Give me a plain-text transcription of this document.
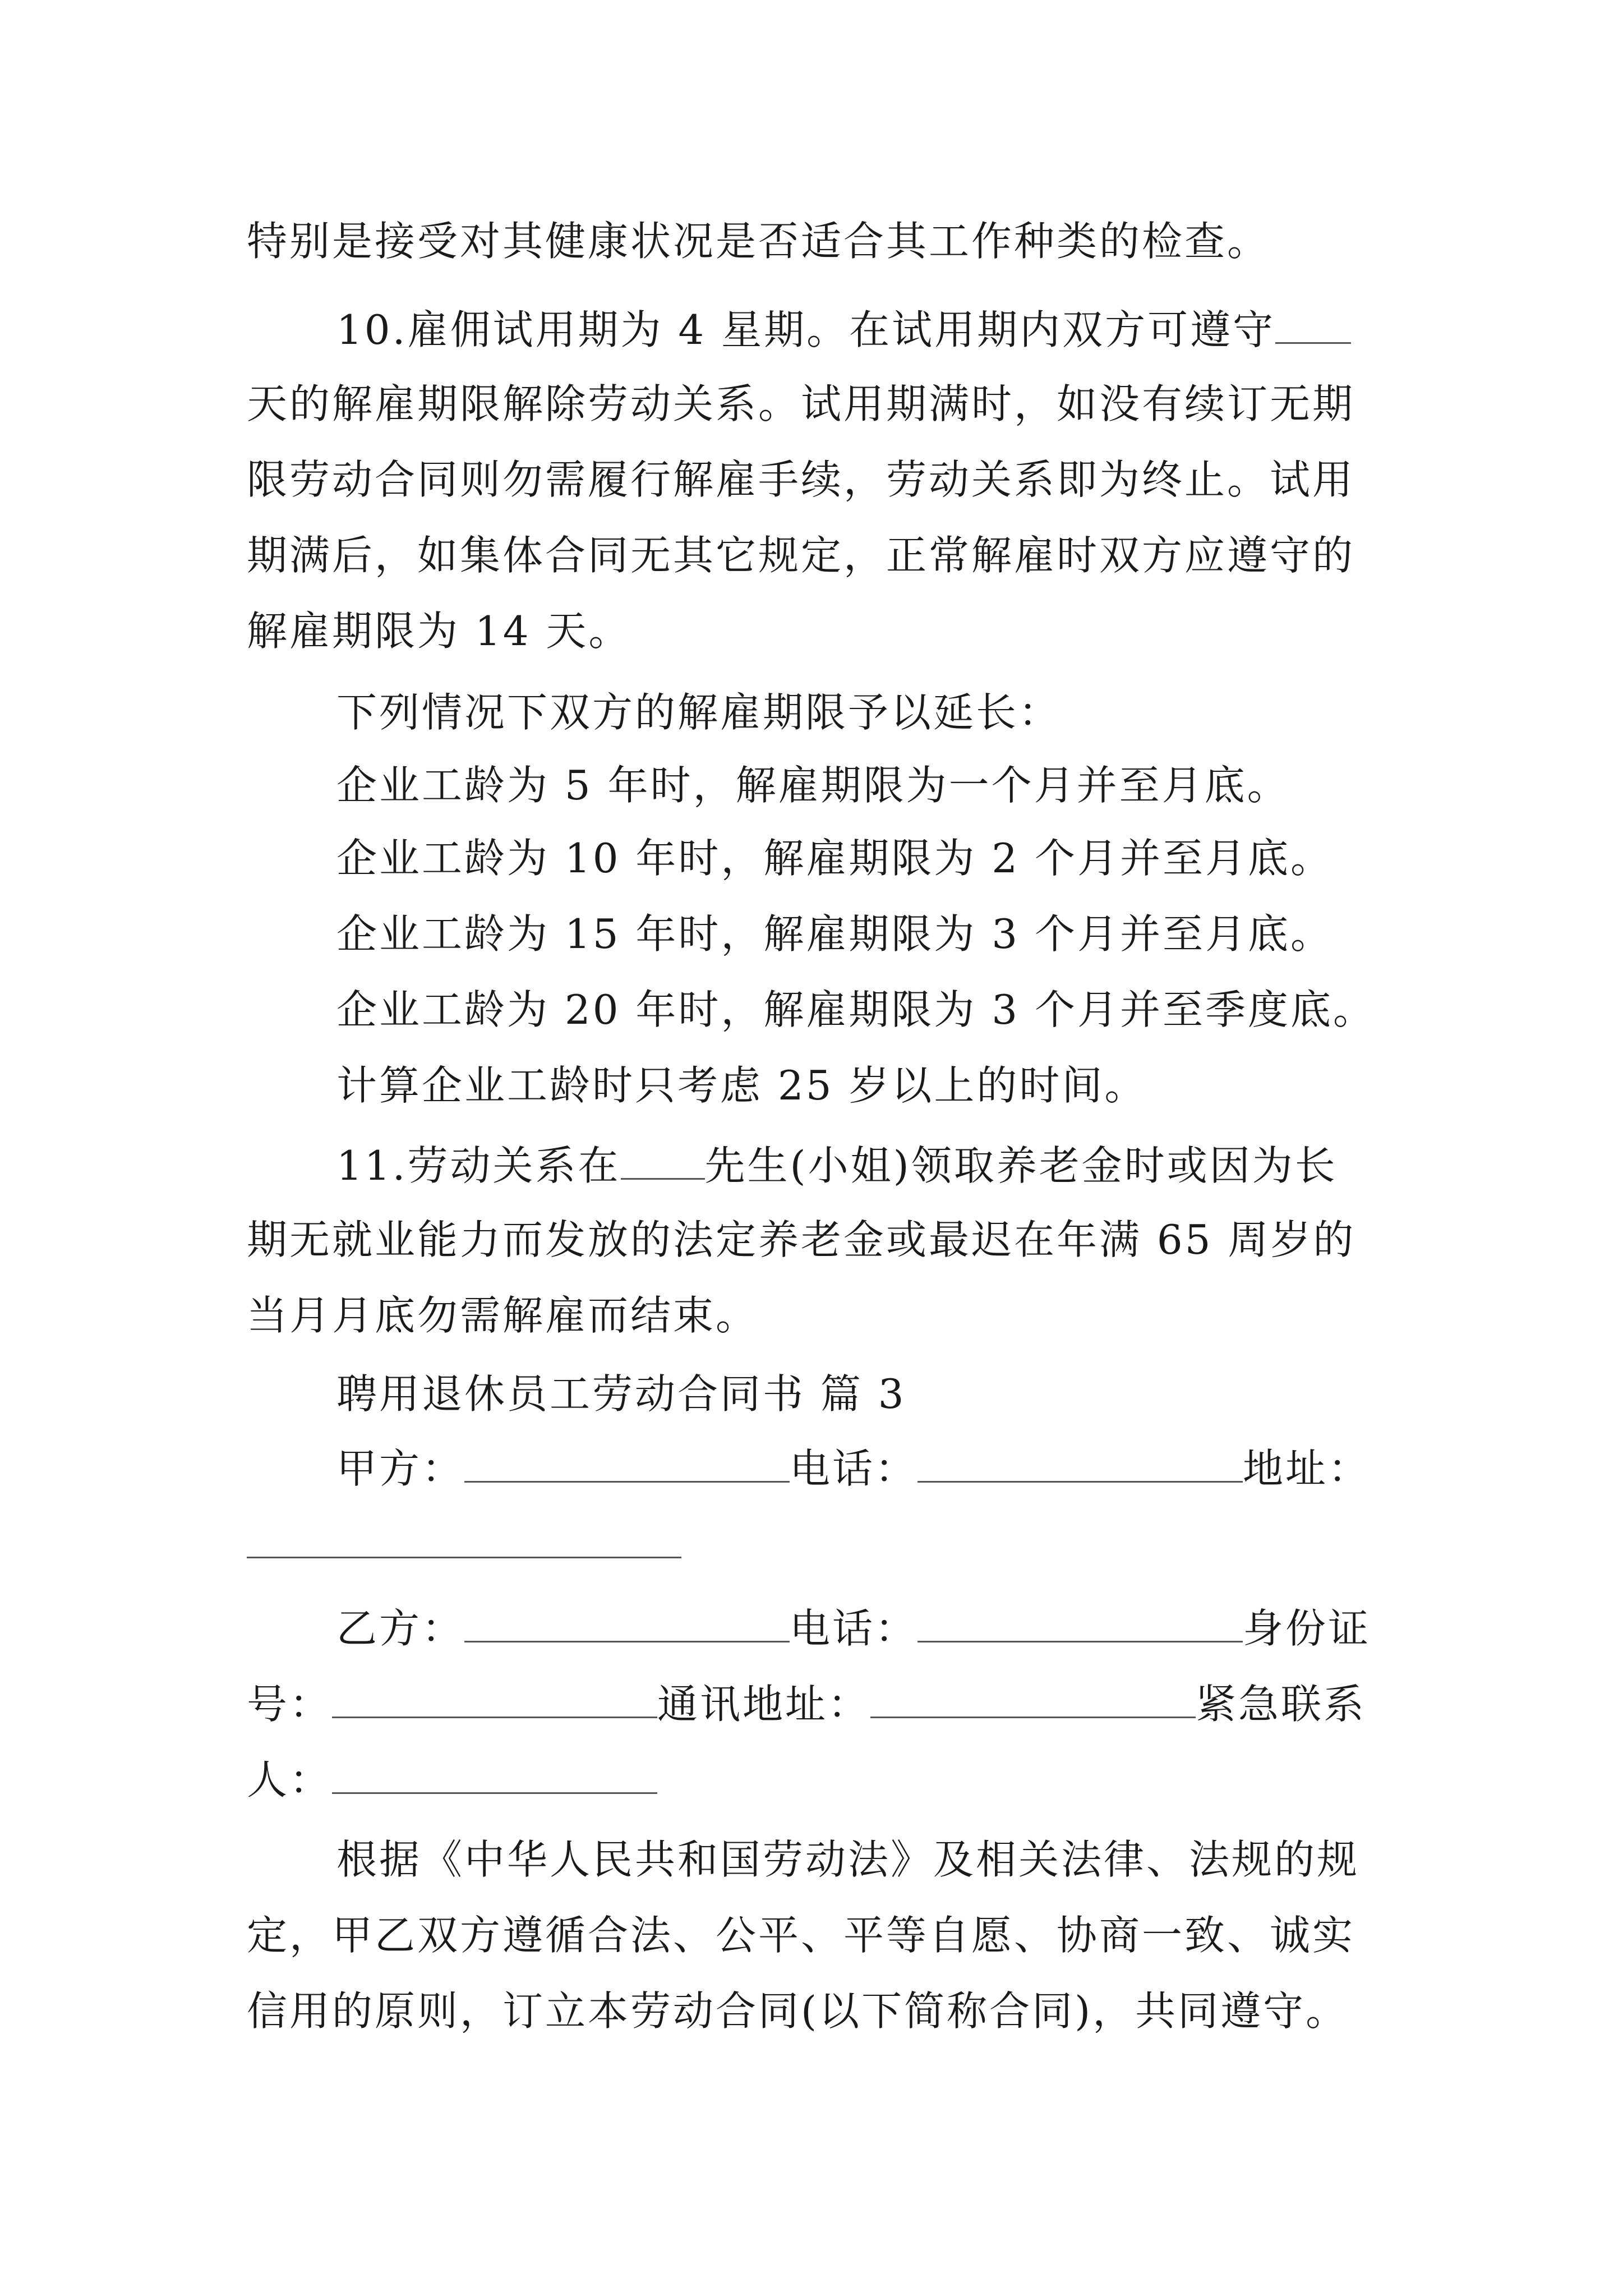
特别是接受对其健康状况是否适合其工作种类的检查。
10.雇佣试用期为 4 星期。在试用期内双方可遵守
天的解雇期限解除劳动关系。试用期满时，如没有续订无期
限劳动合同则勿需履行解雇手续，劳动关系即为终止。试用
期满后，如集体合同无其它规定，正常解雇时双方应遵守的
解雇期限为 14 天。
下列情况下双方的解雇期限予以延长：
企业工龄为 5 年时，解雇期限为一个月并至月底。
企业工龄为 10 年时，解雇期限为 2 个月并至月底。
企业工龄为 15 年时，解雇期限为 3 个月并至月底。
企业工龄为 20 年时，解雇期限为 3 个月并至季度底。
计算企业工龄时只考虑 25 岁以上的时间。
11.劳动关系在 先生(小姐)领取养老金时或因为长
期无就业能力而发放的法定养老金或最迟在年满 65 周岁的
当月月底勿需解雇而结束。
聘用退休员工劳动合同书 篇 3
甲方：	电话：	地址：
乙方：	电话：	身份证
号：	通讯地址：	紧急联系
人：
根据《中华人民共和国劳动法》及相关法律、法规的规
定，甲乙双方遵循合法、公平、平等自愿、协商一致、诚实
信用的原则，订立本劳动合同(以下简称合同)，共同遵守。
